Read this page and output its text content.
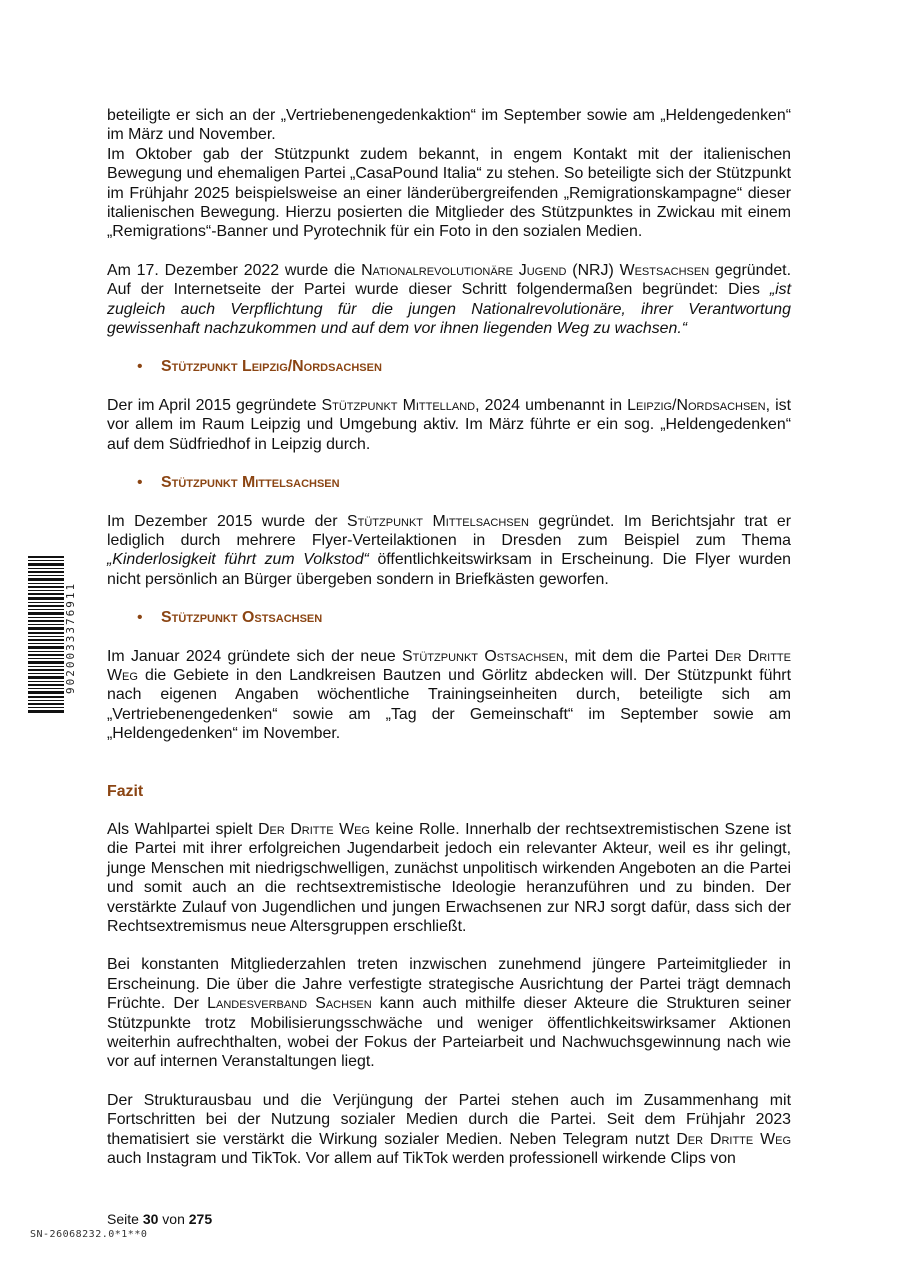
beteiligte er sich an der „Vertriebenengedenkaktion“ im September sowie am „Heldengedenken“ im März und November.
Im Oktober gab der Stützpunkt zudem bekannt, in engem Kontakt mit der italienischen Bewegung und ehemaligen Partei „CasaPound Italia“ zu stehen. So beteiligte sich der Stützpunkt im Frühjahr 2025 beispielsweise an einer länderübergreifenden „Remigrationskampagne“ dieser italienischen Bewegung. Hierzu posierten die Mitglieder des Stützpunktes in Zwickau mit einem „Remigrations“-Banner und Pyrotechnik für ein Foto in den sozialen Medien.

Am 17. Dezember 2022 wurde die Nationalrevolutionäre Jugend (NRJ) Westsachsen gegründet. Auf der Internetseite der Partei wurde dieser Schritt folgendermaßen begründet: Dies „ist zugleich auch Verpflichtung für die jungen Nationalrevolutionäre, ihrer Verantwortung gewissenhaft nachzukommen und auf dem vor ihnen liegenden Weg zu wachsen.“

• Stützpunkt Leipzig/Nordsachsen

Der im April 2015 gegründete Stützpunkt Mittelland, 2024 umbenannt in Leipzig/Nordsachsen, ist vor allem im Raum Leipzig und Umgebung aktiv. Im März führte er ein sog. „Heldengedenken“ auf dem Südfriedhof in Leipzig durch.

• Stützpunkt Mittelsachsen

Im Dezember 2015 wurde der Stützpunkt Mittelsachsen gegründet. Im Berichtsjahr trat er lediglich durch mehrere Flyer-Verteilaktionen in Dresden zum Beispiel zum Thema „Kinderlosigkeit führt zum Volkstod“ öffentlichkeitswirksam in Erscheinung. Die Flyer wurden nicht persönlich an Bürger übergeben sondern in Briefkästen geworfen.

• Stützpunkt Ostsachsen

Im Januar 2024 gründete sich der neue Stützpunkt Ostsachsen, mit dem die Partei Der Dritte Weg die Gebiete in den Landkreisen Bautzen und Görlitz abdecken will. Der Stützpunkt führt nach eigenen Angaben wöchentliche Trainingseinheiten durch, beteiligte sich am „Vertriebenengedenken“ sowie am „Tag der Gemeinschaft“ im September sowie am „Heldengedenken“ im November.

Fazit

Als Wahlpartei spielt Der Dritte Weg keine Rolle. Innerhalb der rechtsextremistischen Szene ist die Partei mit ihrer erfolgreichen Jugendarbeit jedoch ein relevanter Akteur, weil es ihr gelingt, junge Menschen mit niedrigschwelligen, zunächst unpolitisch wirkenden Angeboten an die Partei und somit auch an die rechtsextremistische Ideologie heranzuführen und zu binden. Der verstärkte Zulauf von Jugendlichen und jungen Erwachsenen zur NRJ sorgt dafür, dass sich der Rechtsextremismus neue Altersgruppen erschließt.

Bei konstanten Mitgliederzahlen treten inzwischen zunehmend jüngere Parteimitglieder in Erscheinung. Die über die Jahre verfestigte strategische Ausrichtung der Partei trägt demnach Früchte. Der Landesverband Sachsen kann auch mithilfe dieser Akteure die Strukturen seiner Stützpunkte trotz Mobilisierungsschwäche und weniger öffentlichkeitswirksamer Aktionen weiterhin aufrechthalten, wobei der Fokus der Parteiarbeit und Nachwuchsgewinnung nach wie vor auf internen Veranstaltungen liegt.

Der Strukturausbau und die Verjüngung der Partei stehen auch im Zusammenhang mit Fortschritten bei der Nutzung sozialer Medien durch die Partei. Seit dem Frühjahr 2023 thematisiert sie verstärkt die Wirkung sozialer Medien. Neben Telegram nutzt Der Dritte Weg auch Instagram und TikTok. Vor allem auf TikTok werden professionell wirkende Clips von

9020033376911
Seite 30 von 275
SN-26068232.0*1**0
